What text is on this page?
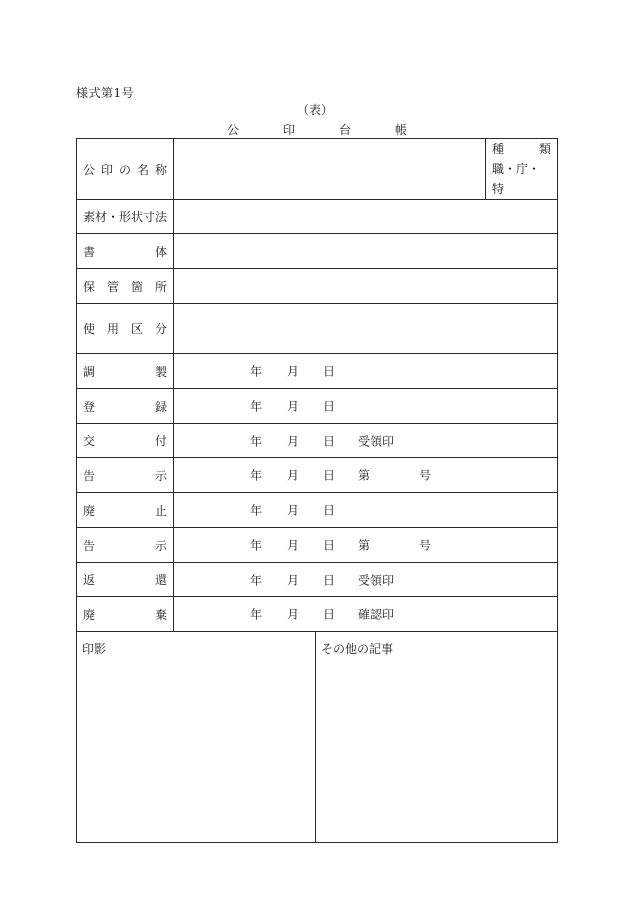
様式第1号
（表）
公	印	台	帳
公 印 の 名 称			種 類
職・庁・特

素材・形状寸法			

書 体			

保 管 箇 所			

使 用 区 分			

調 製	年 月 日		

登 録	年 月 日		

交 付	年 月 日 受領印		

告 示	年 月 日 第 号		

廃 止	年 月 日		

告 示	年 月 日 第 号		

返 還	年 月 日 受領印		

廃 棄	年 月 日 確認印		

印影		その他の記事	
